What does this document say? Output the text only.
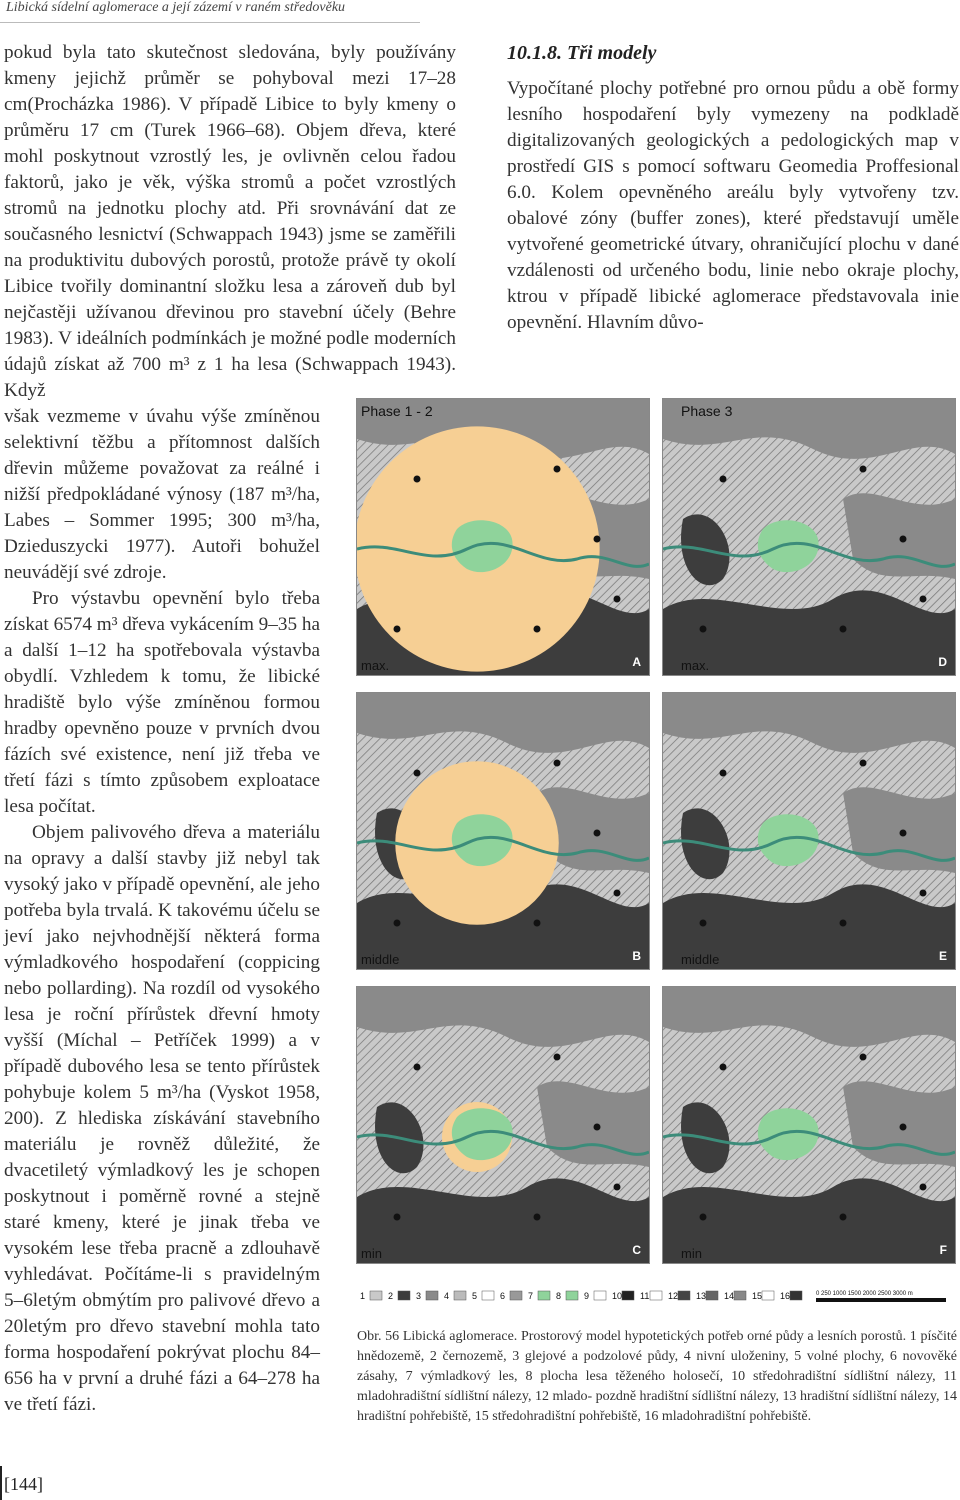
Libická sídelní aglomerace a její zázemí v raném středověku

pokud byla tato skutečnost sledována, byly používány kmeny jejichž průměr se pohyboval mezi 17–28 cm(Procházka 1986). V případě Libice to byly kmeny o průměru 17 cm (Turek 1966–68). Objem dřeva, které mohl poskytnout vzrostlý les, je ovlivněn celou řadou faktorů, jako je věk, výška stromů a počet vzrostlých stromů na jednotku plochy atd. Při srovnávání dat ze současného lesnictví (Schwappach 1943) jsme se zaměřili na produktivitu dubových porostů, protože právě ty okolí Libice tvořily dominantní složku lesa a zároveň dub byl nejčastěji užívanou dřevinou pro stavební účely (Behre 1983). V ideálních podmínkách je možné podle moderních údajů získat až 700 m³ z 1 ha lesa (Schwappach 1943). Když

však vezmeme v úvahu výše zmíněnou selektivní těžbu a přítomnost dalších dřevin můžeme považovat za reálné i nižší předpokládané výnosy (187 m³/ha, Labes – Sommer 1995; 300 m³/ha, Dzieduszycki 1977). Autoři bohužel neuvádějí své zdroje.

Pro výstavbu opevnění bylo třeba získat 6574 m³ dřeva vykácením 9–35 ha a další 1–12 ha spotřebovala výstavba obydlí. Vzhledem k tomu, že libické hradiště bylo výše zmíněnou formou hradby opevněno pouze v prvních dvou fázích své existence, není již třeba ve třetí fázi s tímto způsobem exploatace lesa počítat.

Objem palivového dřeva a materiálu na opravy a další stavby již nebyl tak vysoký jako v případě opevnění, ale jeho potřeba byla trvalá. K takovému účelu se jeví jako nejvhodnější některá forma výmladkového hospodaření (coppicing nebo pollarding). Na rozdíl od vysokého lesa je roční přírůstek dřevní hmoty vyšší (Míchal – Petříček 1999) a v případě dubového lesa se tento přírůstek pohybuje kolem 5 m³/ha (Vyskot 1958, 200). Z hlediska získávání stavebního materiálu je rovněž důležité, že dvacetiletý výmladkový les je schopen poskytnout i poměrně rovné a stejně staré kmeny, které je jinak třeba ve vysokém lese třeba pracně a zdlouhavě vyhledávat. Počítáme-li s pravidelným 5–6letým obmýtím pro palivové dřevo a 20letým pro dřevo stavební mohla tato forma hospodaření pokrývat plochu 84–656 ha v první a druhé fázi a 64–278 ha ve třetí fázi.

10.1.8. Tři modely

Vypočítané plochy potřebné pro ornou půdu a obě formy lesního hospodaření byly vymezeny na podkladě digitalizovaných geologických a pedologických map v prostředí GIS s pomocí softwaru Geomedia Proffesional 6.0. Kolem opevněného areálu byly vytvořeny tzv. obalové zóny (buffer zones), které představují uměle vytvořené geometrické útvary, ohraničující plochu v dané vzdálenosti od určeného bodu, linie nebo okraje plochy, ktrou v případě libické aglomerace představovala inie opevnění. Hlavním důvo-

Phase 1 - 2
max.	A
Phase 3
max.	D
middle	B	middle	E
min	C	min	F
1	2	3	4	5	6	7	8	9	10 11 12 13 14 15 16	0 250 1000 1500 2000 2500 3000 m
Obr. 56 Libická aglomerace. Prostorový model hypotetických potřeb orné půdy a lesních porostů. 1 písčité hnědozemě, 2 černozemě, 3 glejové a podzolové půdy, 4 nivní uloženiny, 5 volné plochy, 6 novověké zásahy, 7 výmladkový les, 8 plocha lesa těženého holosečí, 10 středohradištní sídlištní nálezy, 11 mladohradištní sídlištní nálezy, 12 mlado- pozdně hradištní sídlištní nálezy, 13 hradištní sídlištní nálezy, 14 hradištní pohřebiště, 15 středohradištní pohřebiště, 16 mladohradištní pohřebiště.
[144]
